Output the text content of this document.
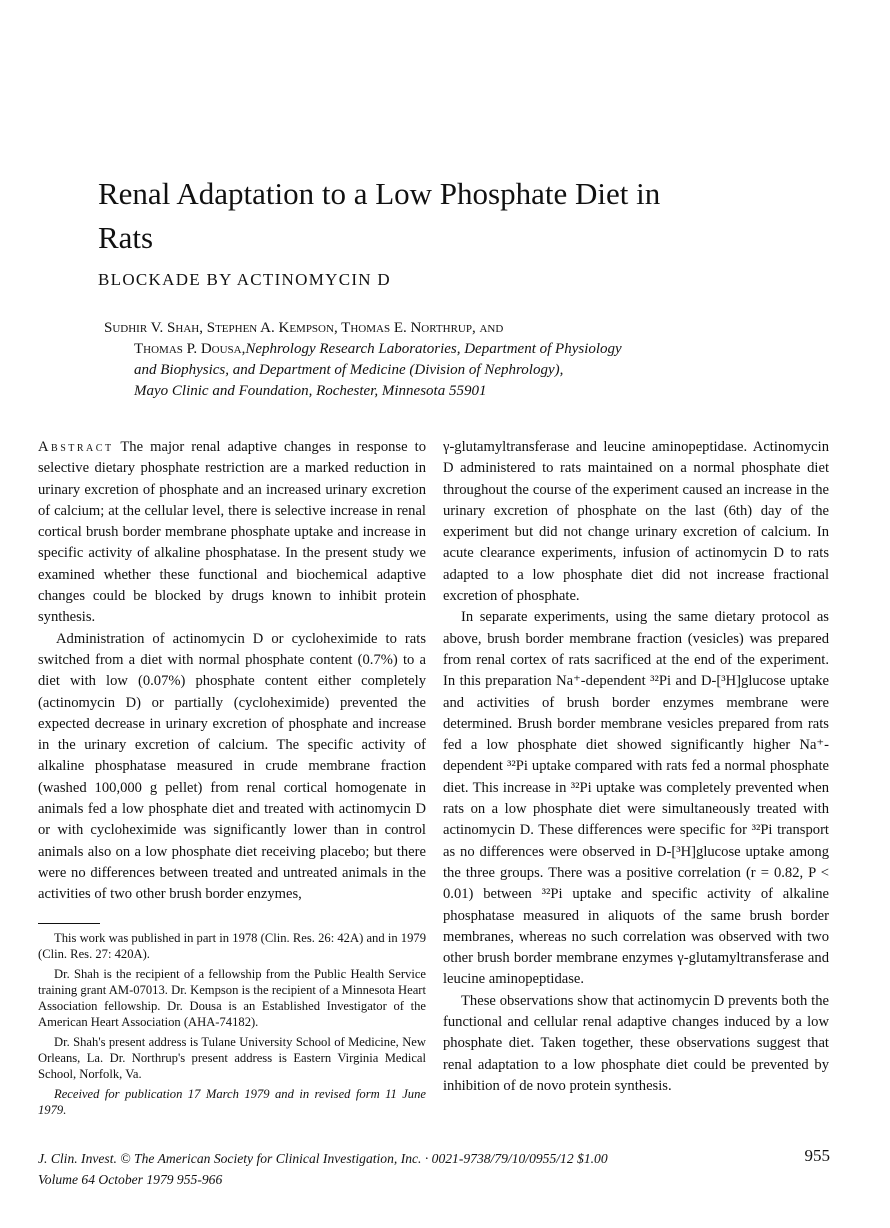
Renal Adaptation to a Low Phosphate Diet in Rats
BLOCKADE BY ACTINOMYCIN D
Sudhir V. Shah, Stephen A. Kempson, Thomas E. Northrup, and
Thomas P. Dousa,Nephrology Research Laboratories, Department of Physiology
and Biophysics, and Department of Medicine (Division of Nephrology),
Mayo Clinic and Foundation, Rochester, Minnesota 55901

Abstract The major renal adaptive changes in response to selective dietary phosphate restriction are a marked reduction in urinary excretion of phosphate and an increased urinary excretion of calcium; at the cellular level, there is selective increase in renal cortical brush border membrane phosphate uptake and increase in specific activity of alkaline phosphatase. In the present study we examined whether these functional and biochemical adaptive changes could be blocked by drugs known to inhibit protein synthesis.

Administration of actinomycin D or cycloheximide to rats switched from a diet with normal phosphate content (0.7%) to a diet with low (0.07%) phosphate content either completely (actinomycin D) or partially (cycloheximide) prevented the expected decrease in urinary excretion of phosphate and increase in the urinary excretion of calcium. The specific activity of alkaline phosphatase measured in crude membrane fraction (washed 100,000 g pellet) from renal cortical homogenate in animals fed a low phosphate diet and treated with actinomycin D or with cycloheximide was significantly lower than in control animals also on a low phosphate diet receiving placebo; but there were no differences between treated and untreated animals in the activities of two other brush border enzymes,

γ-glutamyltransferase and leucine aminopeptidase. Actinomycin D administered to rats maintained on a normal phosphate diet throughout the course of the experiment caused an increase in the urinary excretion of phosphate on the last (6th) day of the experiment but did not change urinary excretion of calcium. In acute clearance experiments, infusion of actinomycin D to rats adapted to a low phosphate diet did not increase fractional excretion of phosphate.

In separate experiments, using the same dietary protocol as above, brush border membrane fraction (vesicles) was prepared from renal cortex of rats sacrificed at the end of the experiment. In this preparation Na⁺-dependent ³²Pi and D-[³H]glucose uptake and activities of brush border enzymes membrane were determined. Brush border membrane vesicles prepared from rats fed a low phosphate diet showed significantly higher Na⁺-dependent ³²Pi uptake compared with rats fed a normal phosphate diet. This increase in ³²Pi uptake was completely prevented when rats on a low phosphate diet were simultaneously treated with actinomycin D. These differences were specific for ³²Pi transport as no differences were observed in D-[³H]glucose uptake among the three groups. There was a positive correlation (r = 0.82, P < 0.01) between ³²Pi uptake and specific activity of alkaline phosphatase measured in aliquots of the same brush border membranes, whereas no such correlation was observed with two other brush border membrane enzymes γ-glutamyltransferase and leucine aminopeptidase.

These observations show that actinomycin D prevents both the functional and cellular renal adaptive changes induced by a low phosphate diet. Taken together, these observations suggest that renal adaptation to a low phosphate diet could be prevented by inhibition of de novo protein synthesis.

This work was published in part in 1978 (Clin. Res. 26: 42A) and in 1979 (Clin. Res. 27: 420A).

Dr. Shah is the recipient of a fellowship from the Public Health Service training grant AM-07013. Dr. Kempson is the recipient of a Minnesota Heart Association fellowship. Dr. Dousa is an Established Investigator of the American Heart Association (AHA-74182).

Dr. Shah's present address is Tulane University School of Medicine, New Orleans, La. Dr. Northrup's present address is Eastern Virginia Medical School, Norfolk, Va.

Received for publication 17 March 1979 and in revised form 11 June 1979.

J. Clin. Invest. © The American Society for Clinical Investigation, Inc. · 0021-9738/79/10/0955/12 $1.00
Volume 64 October 1979 955-966
955
